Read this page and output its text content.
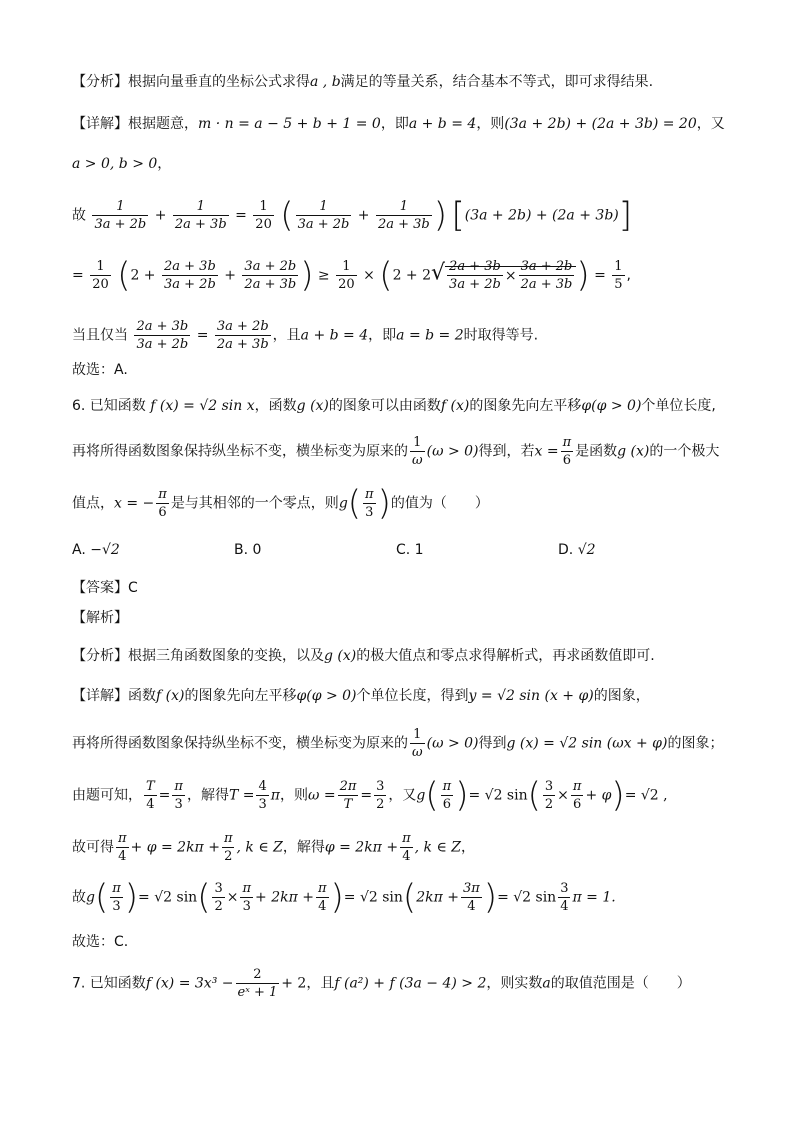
【分析】根据向量垂直的坐标公式求得a , b满足的等量关系，结合基本不等式，即可求得结果.
【详解】根据题意，m · n = a − 5 + b + 1 = 0，即a + b = 4，则(3a + 2b) + (2a + 3b) = 20，又
a > 0, b > 0，
故 $\frac{1}{3a + 2b} + \frac{1}{2a + 3b} = \frac{1}{20}$ ( $\frac{1}{3a + 2b} + \frac{1}{2a + 3b}$ ) [(3a + 2b) + (2a + 3b)]
= $\frac{1}{20} (2 + \frac{2a + 3b}{3a + 2b} + \frac{3a + 2b}{2a + 3b}$ ) ≥ $\frac{1}{20} \times (2 + 2√ \frac{2a + 3b}{3a + 2b} \times \frac{3a + 2b}{2a + 3b}$ ) = $\frac{1}{5}$ ,
当且仅当 $\frac{2a + 3b}{3a + 2b} = \frac{3a + 2b}{2a + 3b}$ ，且a + b = 4，即a = b = 2时取得等号.
故选：A.
6. 已知函数 f (x) = √2 sin x，函数g (x)的图象可以由函数f (x)的图象先向左平移φ(φ > 0)个单位长度,
再将所得函数图象保持纵坐标不变，横坐标变为原来的 $\frac{1}{\omega} (\omega > 0)$得到，若$x = \frac{\pi}{6}$ 是函数g (x)的一个极大
值点，x = − $\frac{\pi}{6}$ 是与其相邻的一个零点，则$g( \frac{\pi}{3}$ )的值为（　　）
A. −√2	B. 0	C. 1	D. √2
【答案】C
【解析】
【分析】根据三角函数图象的变换，以及g (x)的极大值点和零点求得解析式，再求函数值即可.
【详解】函数f (x)的图象先向左平移φ(φ > 0)个单位长度，得到y = √2 sin (x + φ)的图象，
再将所得函数图象保持纵坐标不变，横坐标变为原来的 $\frac{1}{\omega} (\omega > 0)$得到g (x) = √2 sin (ωx + φ)的图象；
由题可知， $\frac{T}{4} = \frac{\pi}{3}$ ，解得$T = \frac{4}{3}$ π，则$\omega = \frac{2\pi}{T} = \frac{3}{2}$ ，又$g( \frac{\pi}{6}$ )= √2 $\sin( \frac{3}{2} \times \frac{\pi}{6} + \varphi)= √2$ ,
故可得 $\frac{\pi}{4} + \varphi = 2k\pi + \frac{\pi}{2}$ , k ∈ Z，解得$\varphi = 2k\pi + \frac{\pi}{4}$ , k ∈ Z，
故$g( \frac{\pi}{3}$ )= √2 $\sin( \frac{3}{2} \times \frac{\pi}{3} + 2k\pi + \frac{\pi}{4}$ )= √2 $\sin(2k\pi + \frac{3\pi}{4}$ )= √2 $\sin \frac{3}{4}$ π = 1.
故选：C.
7. 已知函数f $(x) = 3x^3 - \frac{2}{\text{eˣ + 1}} + 2$，且f (a²) + f (3a − 4) > 2，则实数a的取值范围是（　　）
